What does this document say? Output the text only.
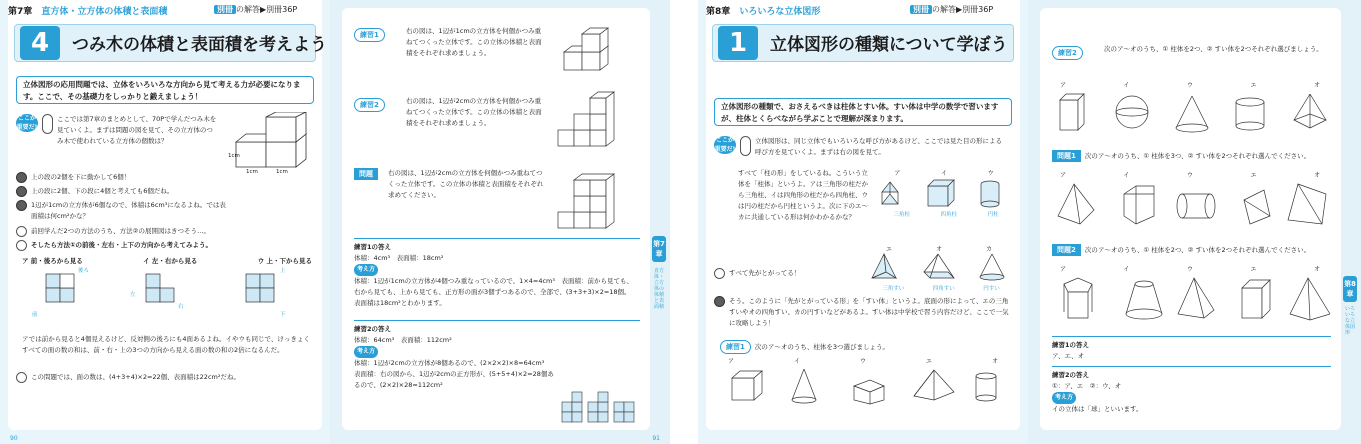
第7章 直方体・立方体の体積と表面積	別冊 の解答▶別冊36P
4	つみ木の体積と表面積を考えよう
立体図形の応用問題では、立体をいろいろな方向から見て考える力が必要になります。ここで、その基礎力をしっかりと鍛えましょう！
ここが重要だ!
ここでは第7章のまとめとして、70Pで学んだつみ木を見ていくよ。まずは問題の図を見て、その立方体のつみ木で使われている立方体の個数は？
1cm
1cm	1cm
上の段の2個を下に動かして6個！
上の段に2個、下の段に4個と考えても6個だね。
1辺が1cmの立方体が6個なので、体積は6cm³になるよね。では表面積は何cm²かな？
前回学んだ2つの方法のうち、方法②の展開図はきつそう…。
そしたら方法①の前後・左右・上下の方向から考えてみよう。
ア 前・後ろから見る	イ 左・右から見る	ウ 上・下から見る
後ろ
前
左
右
上
下
アでは前から見ると4個見えるけど、反対側の後ろにも4面あるよね。イやウも同じで、けっきょくすべての面の数の和は、前・右・上の3つの方向から見える面の数の和の2倍になるんだ。
この問題では、面の数は、(4+3+4)×2=22個、表面積は22cm²だね。
90
練習1	右の図は、1辺が1cmの立方体を何個かつみ重ねてつくった立体です。この立体の体積と表面積をそれぞれ求めましょう。
練習2	右の図は、1辺が2cmの立方体を何個かつみ重ねてつくった立体です。この立体の体積と表面積をそれぞれ求めましょう。
問題	右の図は、1辺が2cmの立方体を何個かつみ重ねてつくった立体です。この立体の体積と表面積をそれぞれ求めてください。
練習1の答え
体積：4cm³　表面積：18cm²
考え方
体積：1辺が1cmの立方体が4個つみ重なっているので、1×4=4cm³　表面積：前から見ても、右から見ても、上から見ても、正方形の面が3個ずつあるので、全部で、(3+3+3)×2=18個。表面積は18cm²とわかります。
練習2の答え
体積：64cm³　表面積：112cm²
考え方
体積：1辺が2cmの立方体が8個あるので、(2×2×2)×8=64cm³　表面積：右の図から、1辺が2cmの正方形が、(5+5+4)×2=28個あるので、(2×2)×28=112cm²
第7章
直方体・立方体の体積と表面積
91
第8章 いろいろな立体図形	別冊 の解答▶別冊36P
1	立体図形の種類について学ぼう
立体図形の種類で、おさえるべきは柱体とすい体。すい体は中学の数学で習いますが、柱体とくらべながら学ぶことで理解が深まります。
ここが重要だ!
立体図形は、同じ立体でもいろいろな呼び方があるけど、ここでは見た目の形による呼び方を見ていくよ。まずは右の図を見て。
ア	イ	ウ
三角柱	四角柱	円柱
すべて「柱の形」をしているね。こういう立体を「柱体」というよ。アは三角形の柱だから三角柱、イは四角形の柱だから四角柱、ウは円の柱だから円柱というよ。次に下のエ〜カに共通している形は何かわかるかな？
エ	オ	カ
三角すい	四角すい	円すい
すべて先がとがってる！
そう。このように「先がとがっている形」を「すい体」というよ。底面の形によって、エの三角すいやオの四角すい、カの円すいなどがあるよ。すい体は中学校で習う内容だけど、ここで一気に攻略しよう！
練習1	次のア〜オのうち、柱体を3つ選びましょう。
ア	イ	ウ	エ	オ
練習2	次のア〜オのうち、① 柱体を2つ、② すい体を2つそれぞれ選びましょう。
ア	イ	ウ	エ	オ
問題1	次のア〜オのうち、① 柱体を3つ、② すい体を2つそれぞれ選んでください。
ア	イ	ウ	エ	オ
問題2	次のア〜オのうち、① 柱体を2つ、② すい体を2つそれぞれ選んでください。
ア	イ	ウ	エ	オ
練習1の答え
ア、エ、オ
練習2の答え
①：ア、エ　②：ウ、オ
考え方
イの立体は「球」といいます。
第8章
いろいろな立体図形
